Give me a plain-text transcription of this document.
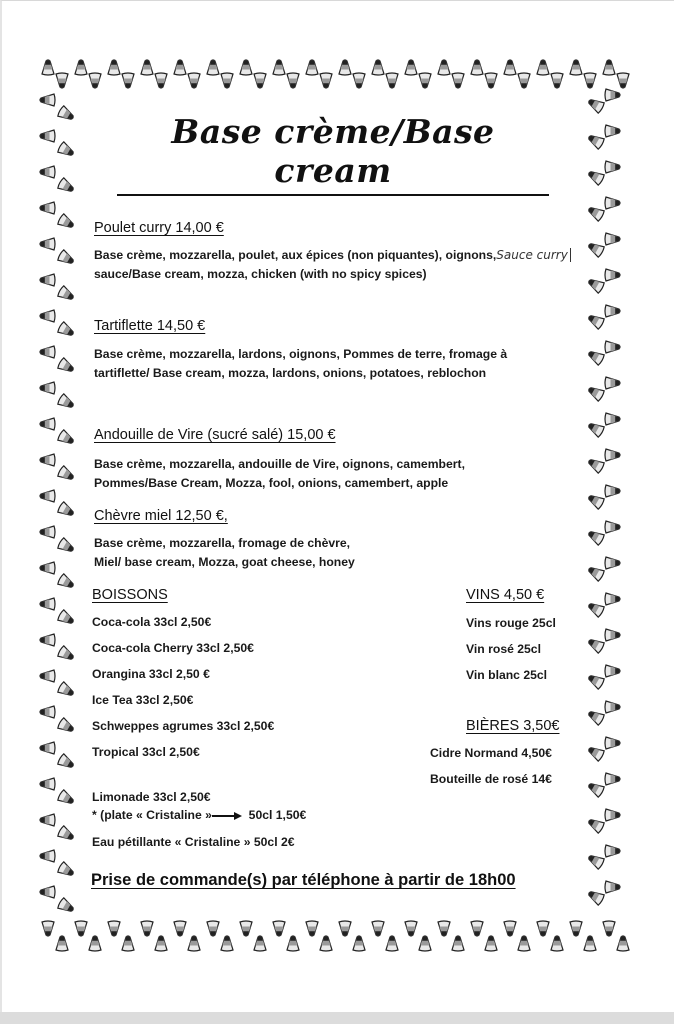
Base crème/Base cream
Poulet curry 14,00 €
Base crème, mozzarella, poulet, aux épices (non piquantes), oignons,Sauce curry
sauce/Base cream, mozza, chicken (with no spicy spices)
Tartiflette 14,50 €
Base crème, mozzarella, lardons, oignons, Pommes de terre, fromage à
tartiflette/ Base cream, mozza, lardons, onions, potatoes, reblochon
Andouille de Vire (sucré salé) 15,00 €
Base crème, mozzarella, andouille de Vire, oignons, camembert,
Pommes/Base Cream, Mozza, fool, onions, camembert, apple
Chèvre miel 12,50 €,
Base crème, mozzarella, fromage de chèvre,
Miel/ base cream, Mozza, goat cheese, honey
BOISSONS
Coca-cola 33cl 2,50€
Coca-cola Cherry 33cl 2,50€
Orangina 33cl 2,50 €
Ice Tea 33cl 2,50€
Schweppes agrumes 33cl 2,50€
Tropical 33cl 2,50€
Limonade 33cl 2,50€
* (plate « Cristaline »	50cl 1,50€
Eau pétillante « Cristaline » 50cl 2€
VINS 4,50 €
Vins rouge 25cl
Vin rosé 25cl
Vin blanc 25cl
BIÈRES 3,50€
Cidre Normand 4,50€
Bouteille de rosé 14€
Prise de commande(s) par téléphone à partir de 18h00
